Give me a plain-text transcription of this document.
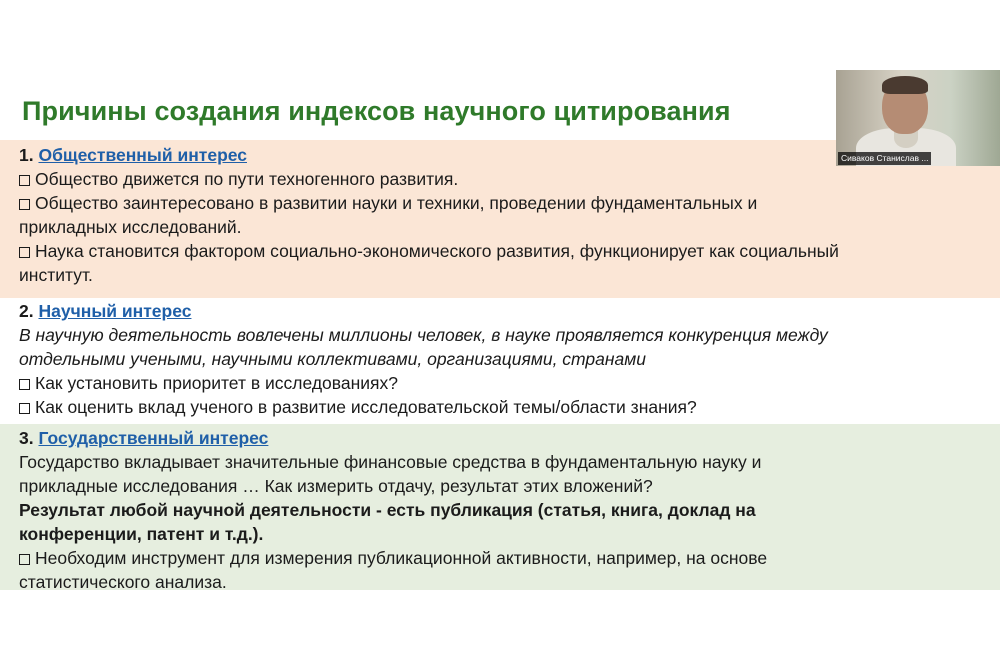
Причины создания индексов научного цитирования

1. Общественный интерес

Общество движется по пути техногенного развития.

Общество заинтересовано в развитии науки и техники, проведении фундаментальных и

прикладных исследований.

Наука становится фактором социально-экономического развития, функционирует как социальный

институт.

2. Научный интерес

В научную деятельность вовлечены миллионы человек, в науке проявляется конкуренция между

отдельными учеными, научными коллективами, организациями, странами

Как установить приоритет в исследованиях?

Как оценить вклад ученого в развитие исследовательской темы/области знания?

3. Государственный интерес

Государство вкладывает значительные финансовые средства в фундаментальную науку и

прикладные исследования … Как измерить отдачу, результат этих вложений?

Результат любой научной деятельности - есть публикация (статья, книга, доклад на

конференции, патент и т.д.).

Необходим инструмент для измерения публикационной активности, например, на основе

статистического анализа.

Сиваков Станислав ...
